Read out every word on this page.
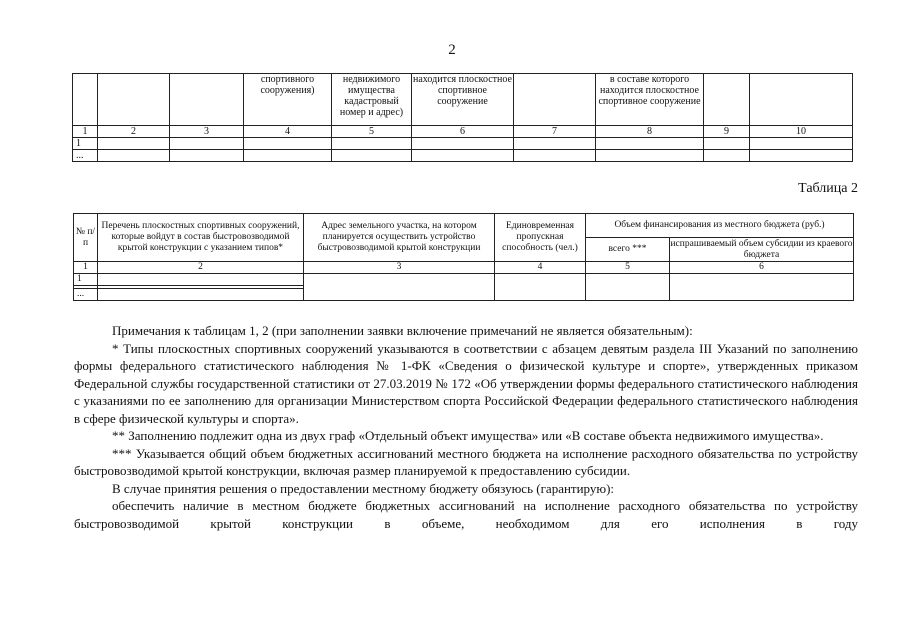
2
			спортивного сооружения)	недвижимого имущества кадастровый номер и адрес)	находится плоскостное спортивное сооружение		в составе которого находится плоскостное спортивное сооружение		
1	2	3	4	5	6	7	8	9	10
1									
...									
Таблица 2
№ п/п	Перечень плоскостных спортивных сооружений, которые войдут в состав быстровозводимой крытой конструкции с указанием типов*	Адрес земельного участка, на котором планируется осуществить устройство быстровозводимой крытой конструкции	Единовременная пропускная способность (чел.)	Объем финансирования из местного бюджета (руб.)	
				всего ***	испрашиваемый объем субсидии из краевого бюджета
1	2	3	4	5	6
1					

...					

Примечания к таблицам 1, 2 (при заполнении заявки включение примечаний не является обязательным):

* Типы плоскостных спортивных сооружений указываются в соответствии с абзацем девятым раздела III Указаний по заполнению формы федерального статистического наблюдения № 1-ФК «Сведения о физической культуре и спорте», утвержденных приказом Федеральной службы государственной статистики от 27.03.2019 № 172 «Об утверждении формы федерального статистического наблюдения с указаниями по ее заполнению для организации Министерством спорта Российской Федерации федерального статистического наблюдения в сфере физической культуры и спорта».

** Заполнению подлежит одна из двух граф «Отдельный объект имущества» или «В составе объекта недвижимого имущества».

*** Указывается общий объем бюджетных ассигнований местного бюджета на исполнение расходного обязательства по устройству быстровозводимой крытой конструкции, включая размер планируемой к предоставлению субсидии.

В случае принятия решения о предоставлении местному бюджету обязуюсь (гарантирую):

обеспечить наличие в местном бюджете бюджетных ассигнований на исполнение расходного обязательства по устройству быстровозводимой крытой конструкции в объеме, необходимом для его исполнения в году
